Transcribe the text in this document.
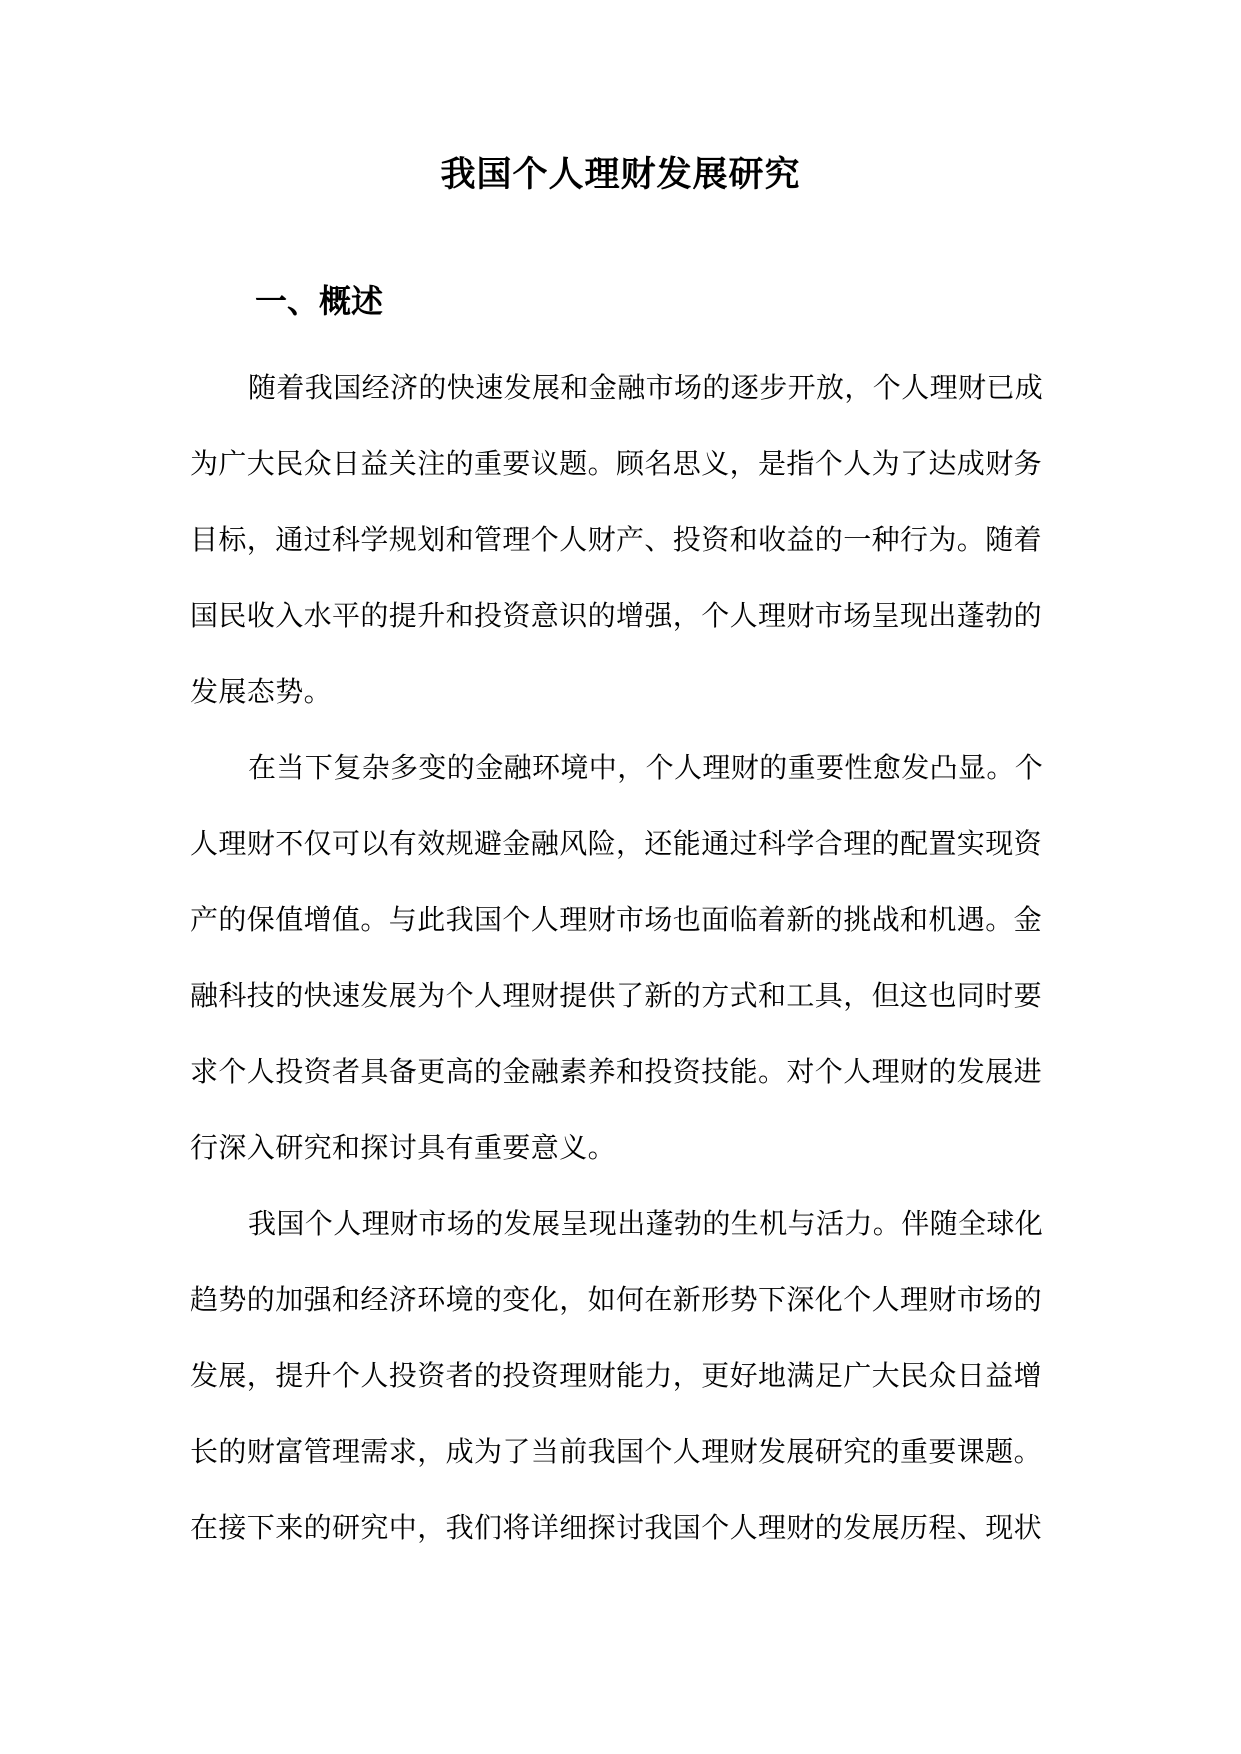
我国个人理财发展研究
一、概述
随着我国经济的快速发展和金融市场的逐步开放，个人理财已成
为广大民众日益关注的重要议题。顾名思义，是指个人为了达成财务
目标，通过科学规划和管理个人财产、投资和收益的一种行为。随着
国民收入水平的提升和投资意识的增强，个人理财市场呈现出蓬勃的
发展态势。
在当下复杂多变的金融环境中，个人理财的重要性愈发凸显。个
人理财不仅可以有效规避金融风险，还能通过科学合理的配置实现资
产的保值增值。与此我国个人理财市场也面临着新的挑战和机遇。金
融科技的快速发展为个人理财提供了新的方式和工具，但这也同时要
求个人投资者具备更高的金融素养和投资技能。对个人理财的发展进
行深入研究和探讨具有重要意义。
我国个人理财市场的发展呈现出蓬勃的生机与活力。伴随全球化
趋势的加强和经济环境的变化，如何在新形势下深化个人理财市场的
发展，提升个人投资者的投资理财能力，更好地满足广大民众日益增
长的财富管理需求，成为了当前我国个人理财发展研究的重要课题。
在接下来的研究中，我们将详细探讨我国个人理财的发展历程、现状
